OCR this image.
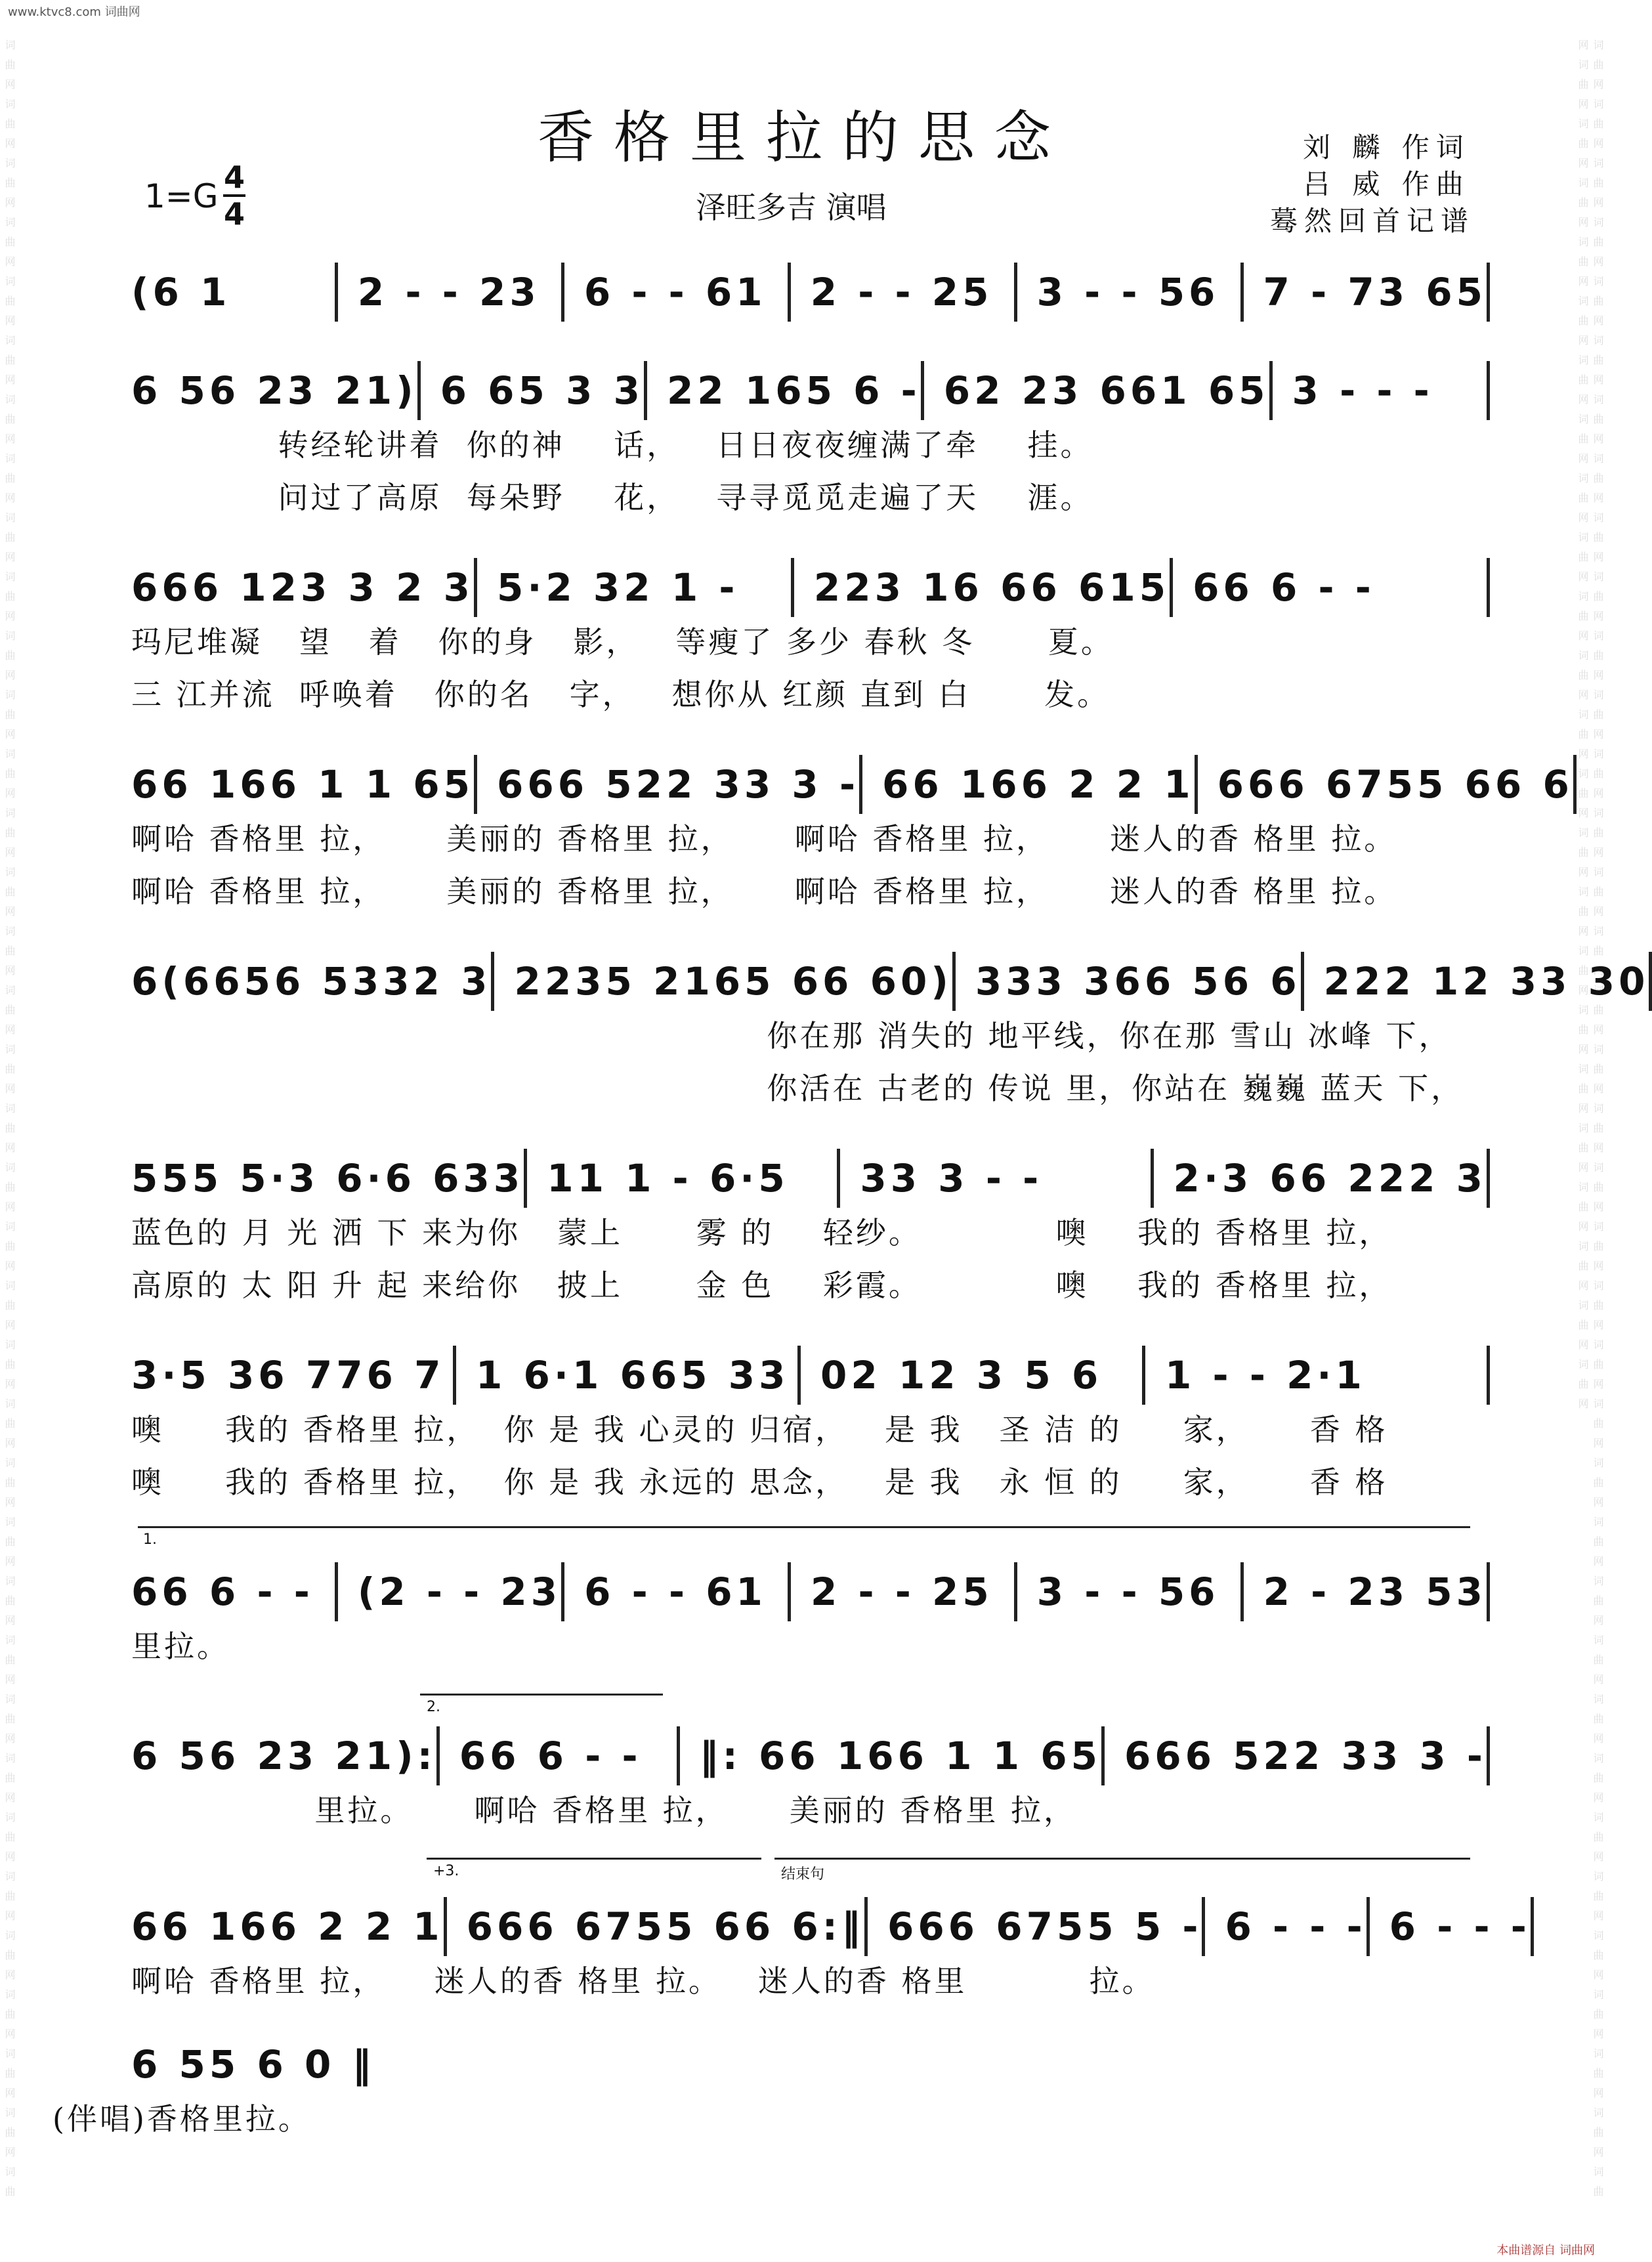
www.ktvc8.com 词曲网
词曲网词曲网词曲网词曲网词曲网词曲网词曲网词曲网词曲网词曲网词曲网词曲网词曲网词曲网词曲网词曲网词曲网词曲网词曲网词曲网词曲网词曲网词曲网词曲网词曲网词曲网词曲网词曲网词曲网词曲网词曲网词曲网词曲网词曲网词曲网词曲网词曲	词曲网词曲网词曲网词曲网词曲网词曲网词曲网词曲网词曲网词曲网词曲网词曲网词曲网词曲网词曲网词曲网词曲网词曲网词曲网词曲网词曲网词曲网词曲网词曲网词曲网词曲网词曲网词曲网词曲网词曲网词曲网词曲网词曲网词曲网词曲网词曲网词曲网词曲网词曲网词曲网词曲网词曲网词曲网词曲网词曲网词曲网词曲网词曲网词曲网词曲网词曲网词曲网词曲网词曲网词曲网词曲网词曲网词曲网词曲网词曲网
香格里拉的思念	刘 麟 作词
吕 威 作曲
蓦然回首记谱
1=G 4
4	泽旺多吉 演唱
(6 1	2 - - 23	6 - - 61	2 - - 25	3 - - 56	7 - 73 65
6 56 23 21) 6 65 3 3 22 165 6 - 62 23 661 65 3 - - -
转经轮讲着  你的神    话，   日日夜夜缠满了牵    挂。
问过了高原  每朵野    花，   寻寻觅觅走遍了天    涯。
666 123 3 2 3 5·2 32 1 -	223 16 66 615 66 6 - -
玛尼堆凝   望   着   你的身   影，   等瘦了 多少 春秋 冬      夏。
三 江并流  呼唤着   你的名   字，   想你从 红颜 直到 白      发。
66 166 1 1 65 666 522 33 3 - 66 166 2 2 1 666 6755 66 6
啊哈 香格里 拉，     美丽的 香格里 拉，     啊哈 香格里 拉，     迷人的香 格里 拉。
啊哈 香格里 拉，     美丽的 香格里 拉，     啊哈 香格里 拉，     迷人的香 格里 拉。
6(6656 5332 3 2235 2165 66 60) 333 366 56 6 222 12 33 30
你在那 消失的 地平线，你在那 雪山 冰峰 下，
你活在 古老的 传说 里，你站在 巍巍 蓝天 下，
555 5·3 6·6 633 11 1 - 6·5	33 3 - -	2·3 66 222 3
蓝色的 月 光 洒 下 来为你   蒙上      雾 的    轻纱。           噢    我的 香格里 拉，
高原的 太 阳 升 起 来给你   披上      金 色    彩霞。           噢    我的 香格里 拉，
3·5 36 776 7 1 6·1 665 33 02 12 3 5 6	1 - - 2·1
噢     我的 香格里 拉，  你 是 我 心灵的 归宿，   是 我   圣 洁 的     家，     香 格
噢     我的 香格里 拉，  你 是 我 永远的 思念，   是 我   永 恒 的     家，     香 格
66 6 - -	(2 - - 23 6 - - 61	2 - - 25	3 - - 56	2 - 23 53
里拉。
6 56 23 21): 66 6 - -	‖: 66 166 1 1 65 666 522 33 3 -
里拉。     啊哈 香格里 拉，     美丽的 香格里 拉，
66 166 2 2 1 666 6755 66 6:‖ 666 6755 5 - 6 - - - 6 - - -
啊哈 香格里 拉，    迷人的香 格里 拉。   迷人的香 格里          拉。
6 55 6 0 ‖
(伴唱)香格里拉。
1.
2.
+3.	结束句
本曲谱源自 词曲网
